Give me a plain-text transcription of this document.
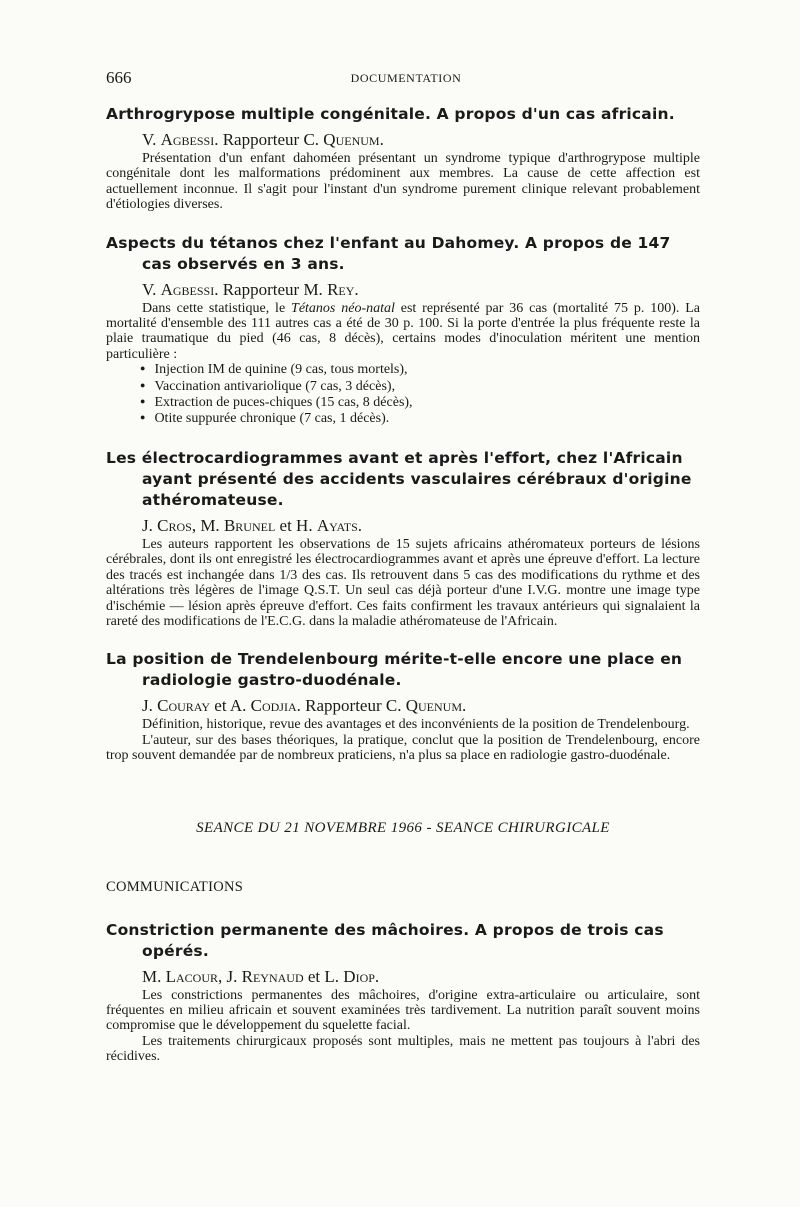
666	DOCUMENTATION
Arthrogrypose multiple congénitale. A propos d'un cas africain.
V. Agbessi. Rapporteur C. Quenum.

Présentation d'un enfant dahoméen présentant un syndrome typique d'arthrogrypose multiple congénitale dont les malformations prédominent aux membres. La cause de cette affection est actuellement inconnue. Il s'agit pour l'instant d'un syndrome purement clinique relevant probablement d'étiologies diverses.

Aspects du tétanos chez l'enfant au Dahomey. A propos de 147 cas observés en 3 ans.
V. Agbessi. Rapporteur M. Rey.

Dans cette statistique, le Tétanos néo-natal est représenté par 36 cas (mortalité 75 p. 100). La mortalité d'ensemble des 111 autres cas a été de 30 p. 100. Si la porte d'entrée la plus fréquente reste la plaie traumatique du pied (46 cas, 8 décès), certains modes d'inoculation méritent une mention particulière :

● Injection IM de quinine (9 cas, tous mortels),
● Vaccination antivariolique (7 cas, 3 décès),
● Extraction de puces-chiques (15 cas, 8 décès),
● Otite suppurée chronique (7 cas, 1 décès).
Les électrocardiogrammes avant et après l'effort, chez l'Africain ayant présenté des accidents vasculaires cérébraux d'origine athéromateuse.
J. Cros, M. Brunel et H. Ayats.

Les auteurs rapportent les observations de 15 sujets africains athéromateux porteurs de lésions cérébrales, dont ils ont enregistré les électrocardiogrammes avant et après une épreuve d'effort. La lecture des tracés est inchangée dans 1/3 des cas. Ils retrouvent dans 5 cas des modifications du rythme et des altérations très légères de l'image Q.S.T. Un seul cas déjà porteur d'une I.V.G. montre une image type d'ischémie — lésion après épreuve d'effort. Ces faits confirment les travaux antérieurs qui signalaient la rareté des modifications de l'E.C.G. dans la maladie athéromateuse de l'Africain.

La position de Trendelenbourg mérite-t-elle encore une place en radiologie gastro-duodénale.
J. Couray et A. Codjia. Rapporteur C. Quenum.

Définition, historique, revue des avantages et des inconvénients de la position de Trendelenbourg.

L'auteur, sur des bases théoriques, la pratique, conclut que la position de Trendelenbourg, encore trop souvent demandée par de nombreux praticiens, n'a plus sa place en radiologie gastro-duodénale.

SEANCE DU 21 NOVEMBRE 1966 - SEANCE CHIRURGICALE
COMMUNICATIONS
Constriction permanente des mâchoires. A propos de trois cas opérés.
M. Lacour, J. Reynaud et L. Diop.

Les constrictions permanentes des mâchoires, d'origine extra-articulaire ou articulaire, sont fréquentes en milieu africain et souvent examinées très tardivement. La nutrition paraît souvent moins compromise que le développement du squelette facial.

Les traitements chirurgicaux proposés sont multiples, mais ne mettent pas toujours à l'abri des récidives.
